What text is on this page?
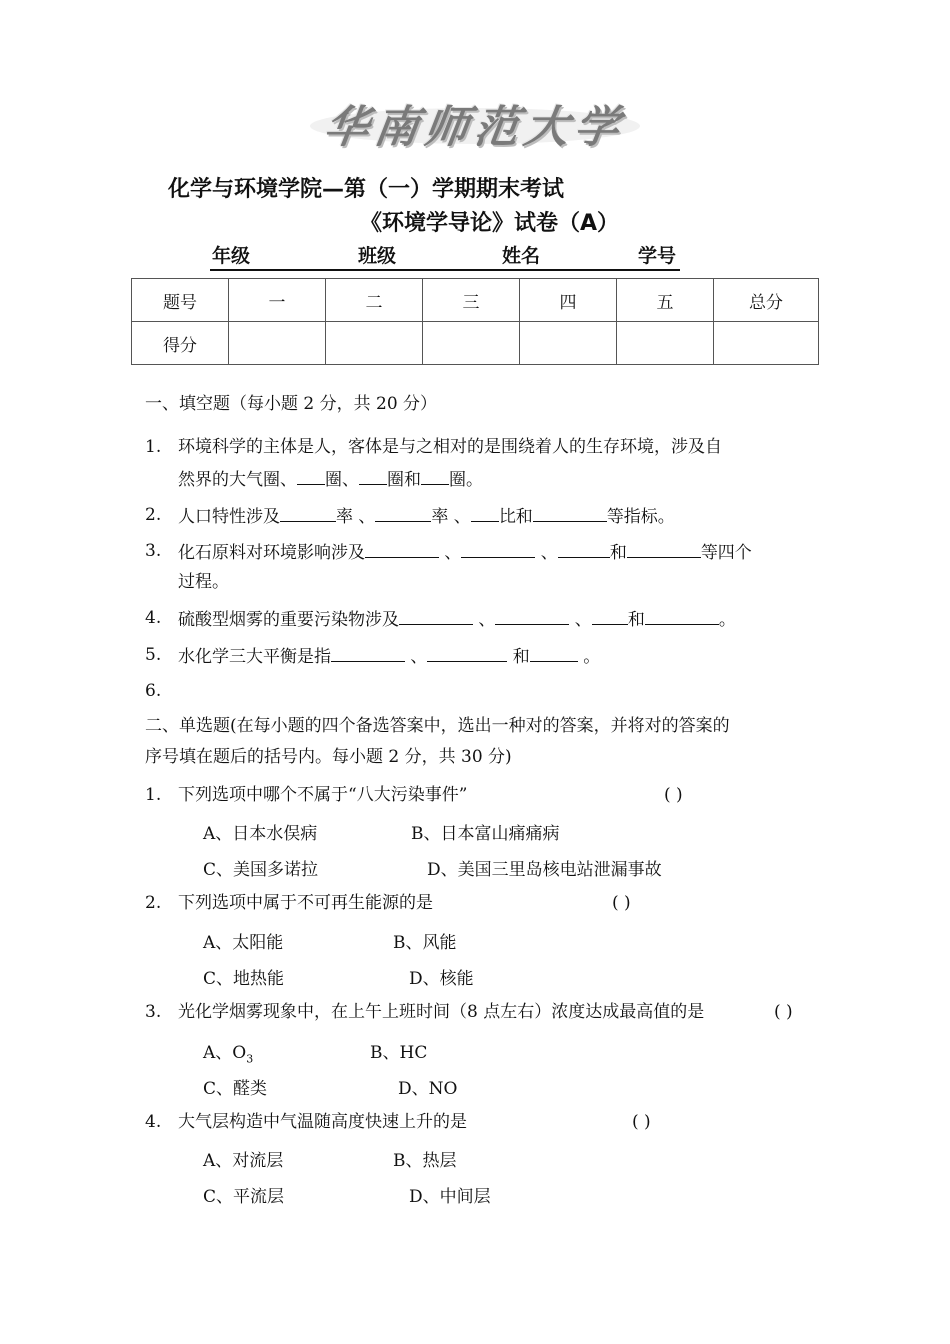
华南师范大学
化学与环境学院—第（一）学期期末考试
《环境学导论》试卷（A）
年级	班级	姓名	学号
题号	一	二	三	四	五	总分
得分						
一、填空题（每小题 2 分，共 20 分）
1. 环境科学的主体是人，客体是与之相对的是围绕着人的生存环境，涉及自
然界的大气圈、 圈、 圈和 圈。
2. 人口特性涉及	率 、	率 、 比和	等指标。
3. 化石原料对环境影响涉及	、	、	和	等四个
过程。
4. 硫酸型烟雾的重要污染物涉及	、	、 和	。
5. 水化学三大平衡是指	、	和	。
6.
二、单选题(在每小题的四个备选答案中，选出一种对的答案，并将对的答案的
序号填在题后的括号内。每小题 2 分，共 30 分)
1. 下列选项中哪个不属于“八大污染事件”	( )
A、日本水俣病	B、日本富山痛痛病
C、美国多诺拉	D、美国三里岛核电站泄漏事故
2. 下列选项中属于不可再生能源的是	( )
A、太阳能	B、风能
C、地热能	D、核能
3. 光化学烟雾现象中，在上午上班时间（8 点左右）浓度达成最高值的是	( )
A、$O_3$	B、HC
C、醛类	D、NO
4. 大气层构造中气温随高度快速上升的是	( )
A、对流层	B、热层
C、平流层	D、中间层
